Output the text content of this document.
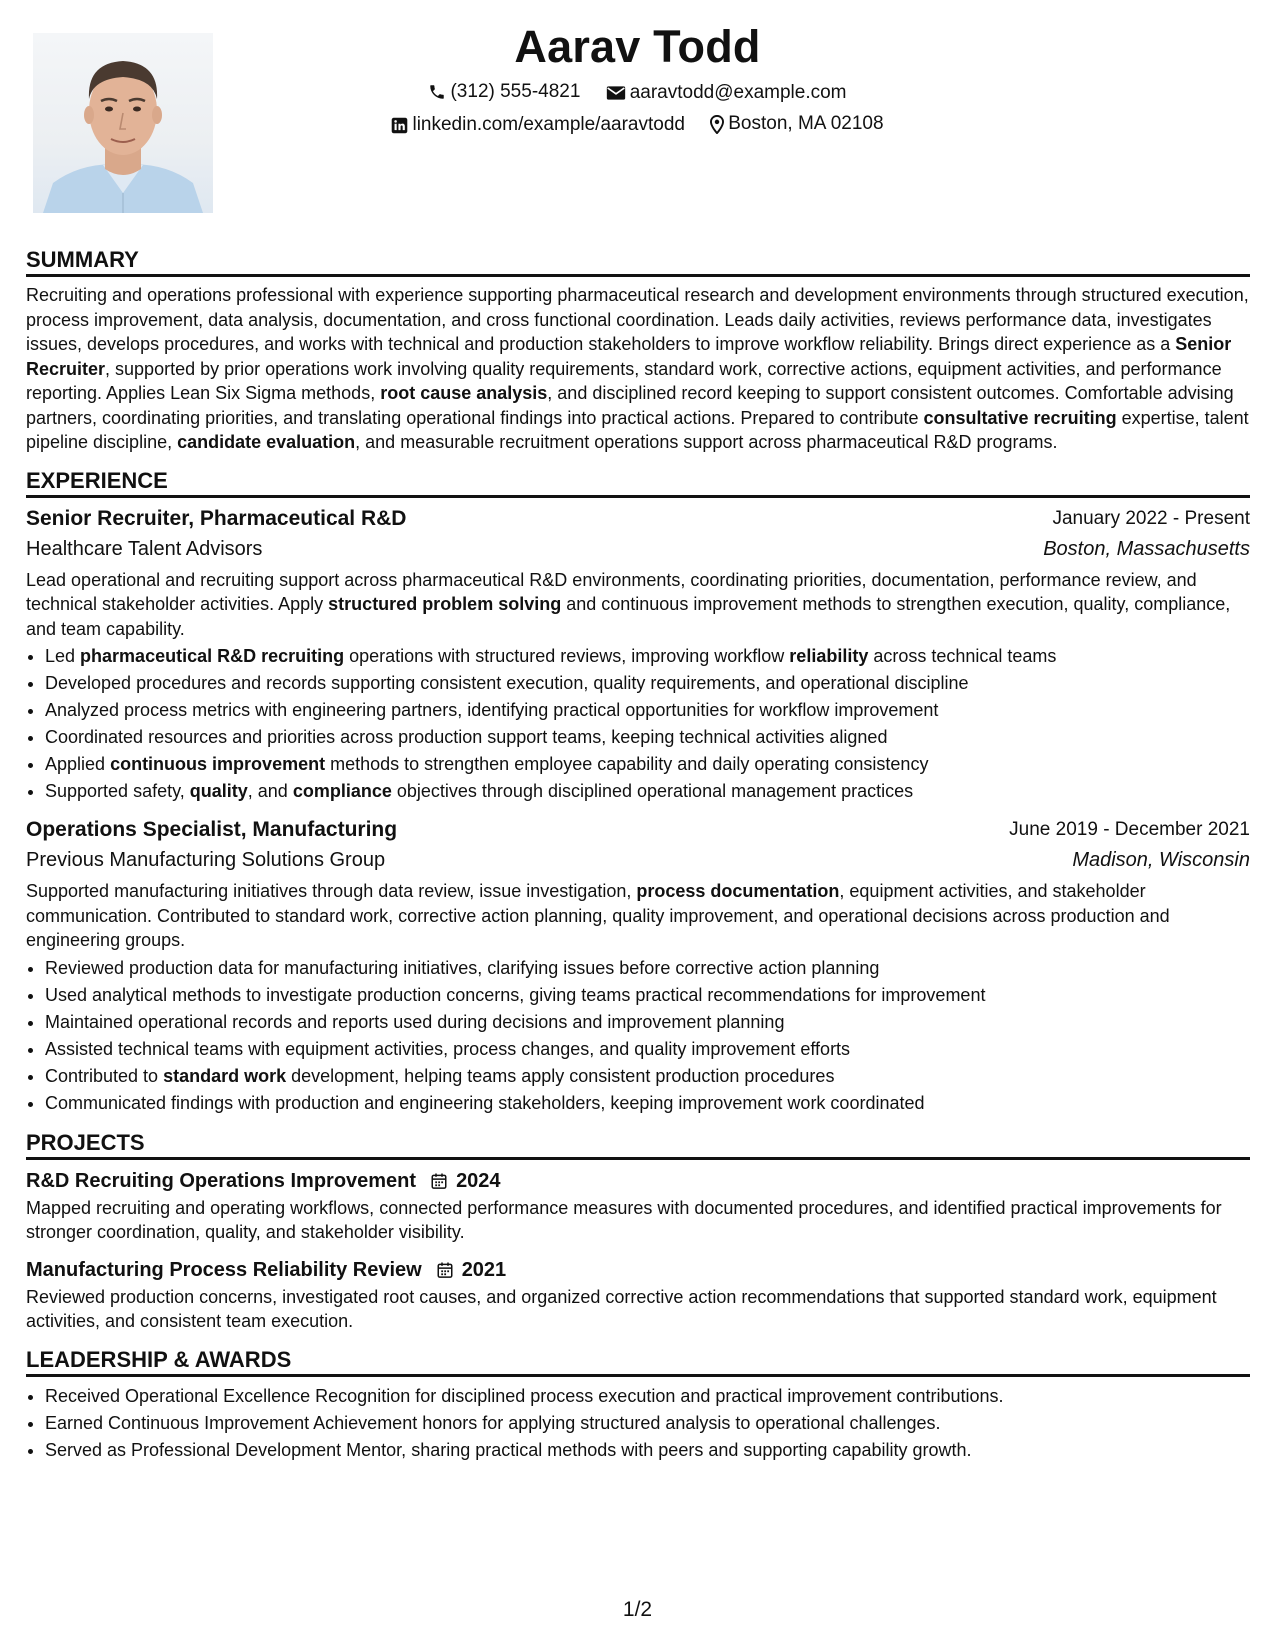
Aarav Todd
(312) 555-4821
	aaravtodd@example.com
linkedin.com/example/aaravtodd
Boston, MA 02108
SUMMARY

Recruiting and operations professional with experience supporting pharmaceutical research and development environments through structured execution, process improvement, data analysis, documentation, and cross functional coordination. Leads daily activities, reviews performance data, investigates issues, develops procedures, and works with technical and production stakeholders to improve workflow reliability. Brings direct experience as a Senior Recruiter, supported by prior operations work involving quality requirements, standard work, corrective actions, equipment activities, and performance reporting. Applies Lean Six Sigma methods, root cause analysis, and disciplined record keeping to support consistent outcomes. Comfortable advising partners, coordinating priorities, and translating operational findings into practical actions. Prepared to contribute consultative recruiting expertise, talent pipeline discipline, candidate evaluation, and measurable recruitment operations support across pharmaceutical R&D programs.

EXPERIENCE
Senior Recruiter, Pharmaceutical R&D	January 2022 - Present
Healthcare Talent Advisors	Boston, Massachusetts

Lead operational and recruiting support across pharmaceutical R&D environments, coordinating priorities, documentation, performance review, and technical stakeholder activities. Apply structured problem solving and continuous improvement methods to strengthen execution, quality, compliance, and team capability.

• Led pharmaceutical R&D recruiting operations with structured reviews, improving workflow reliability across technical teams
• Developed procedures and records supporting consistent execution, quality requirements, and operational discipline
• Analyzed process metrics with engineering partners, identifying practical opportunities for workflow improvement
• Coordinated resources and priorities across production support teams, keeping technical activities aligned
• Applied continuous improvement methods to strengthen employee capability and daily operating consistency
• Supported safety, quality, and compliance objectives through disciplined operational management practices
Operations Specialist, Manufacturing	June 2019 - December 2021
Previous Manufacturing Solutions Group	Madison, Wisconsin

Supported manufacturing initiatives through data review, issue investigation, process documentation, equipment activities, and stakeholder communication. Contributed to standard work, corrective action planning, quality improvement, and operational decisions across production and engineering groups.

• Reviewed production data for manufacturing initiatives, clarifying issues before corrective action planning
• Used analytical methods to investigate production concerns, giving teams practical recommendations for improvement
• Maintained operational records and reports used during decisions and improvement planning
• Assisted technical teams with equipment activities, process changes, and quality improvement efforts
• Contributed to standard work development, helping teams apply consistent production procedures
• Communicated findings with production and engineering stakeholders, keeping improvement work coordinated
PROJECTS
R&D Recruiting Operations Improvement 2024

Mapped recruiting and operating workflows, connected performance measures with documented procedures, and identified practical improvements for stronger coordination, quality, and stakeholder visibility.

Manufacturing Process Reliability Review 2021

Reviewed production concerns, investigated root causes, and organized corrective action recommendations that supported standard work, equipment activities, and consistent team execution.

LEADERSHIP & AWARDS
• Received Operational Excellence Recognition for disciplined process execution and practical improvement contributions.
• Earned Continuous Improvement Achievement honors for applying structured analysis to operational challenges.
• Served as Professional Development Mentor, sharing practical methods with peers and supporting capability growth.
1/2
